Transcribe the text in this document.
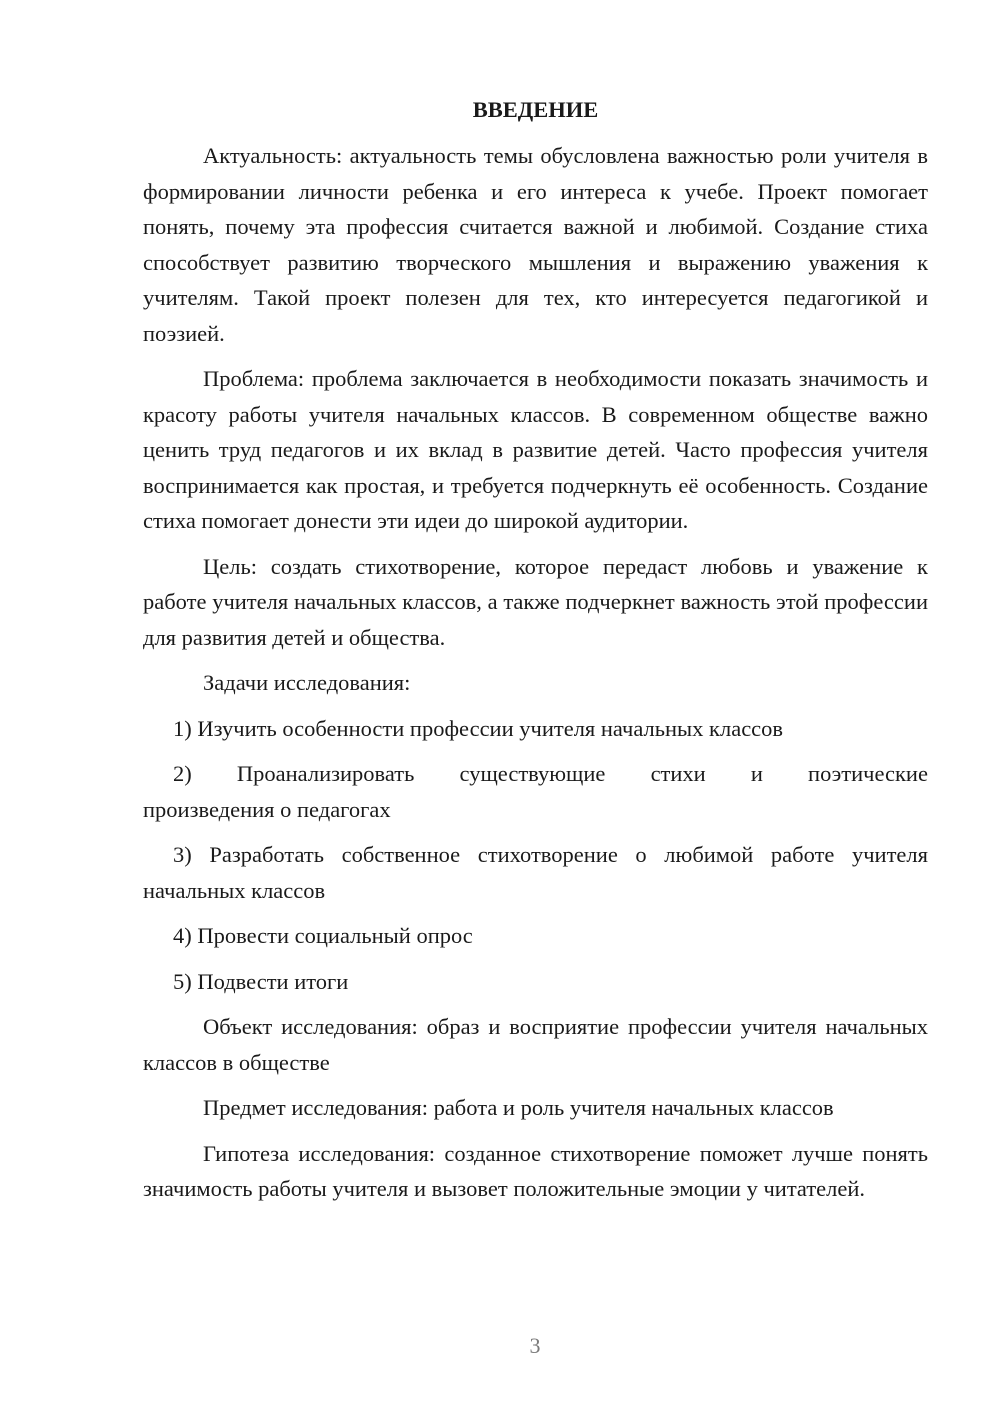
ВВЕДЕНИЕ

Актуальность: актуальность темы обусловлена важностью роли учителя в формировании личности ребенка и его интереса к учебе. Проект помогает понять, почему эта профессия считается важной и любимой. Создание стиха способствует развитию творческого мышления и выражению уважения к учителям. Такой проект полезен для тех, кто интересуется педагогикой и поэзией.

Проблема: проблема заключается в необходимости показать значимость и красоту работы учителя начальных классов. В современном обществе важно ценить труд педагогов и их вклад в развитие детей. Часто профессия учителя воспринимается как простая, и требуется подчеркнуть её особенность. Создание стиха помогает донести эти идеи до широкой аудитории.

Цель: создать стихотворение, которое передаст любовь и уважение к работе учителя начальных классов, а также подчеркнет важность этой профессии для развития детей и общества.

Задачи исследования:

1) Изучить особенности профессии учителя начальных классов

2) Проанализировать существующие стихи и поэтические

произведения о педагогах

3) Разработать собственное стихотворение о любимой работе учителя начальных классов

4) Провести социальный опрос

5) Подвести итоги

Объект исследования: образ и восприятие профессии учителя начальных классов в обществе

Предмет исследования: работа и роль учителя начальных классов

Гипотеза исследования: созданное стихотворение поможет лучше понять значимость работы учителя и вызовет положительные эмоции у читателей.

3
